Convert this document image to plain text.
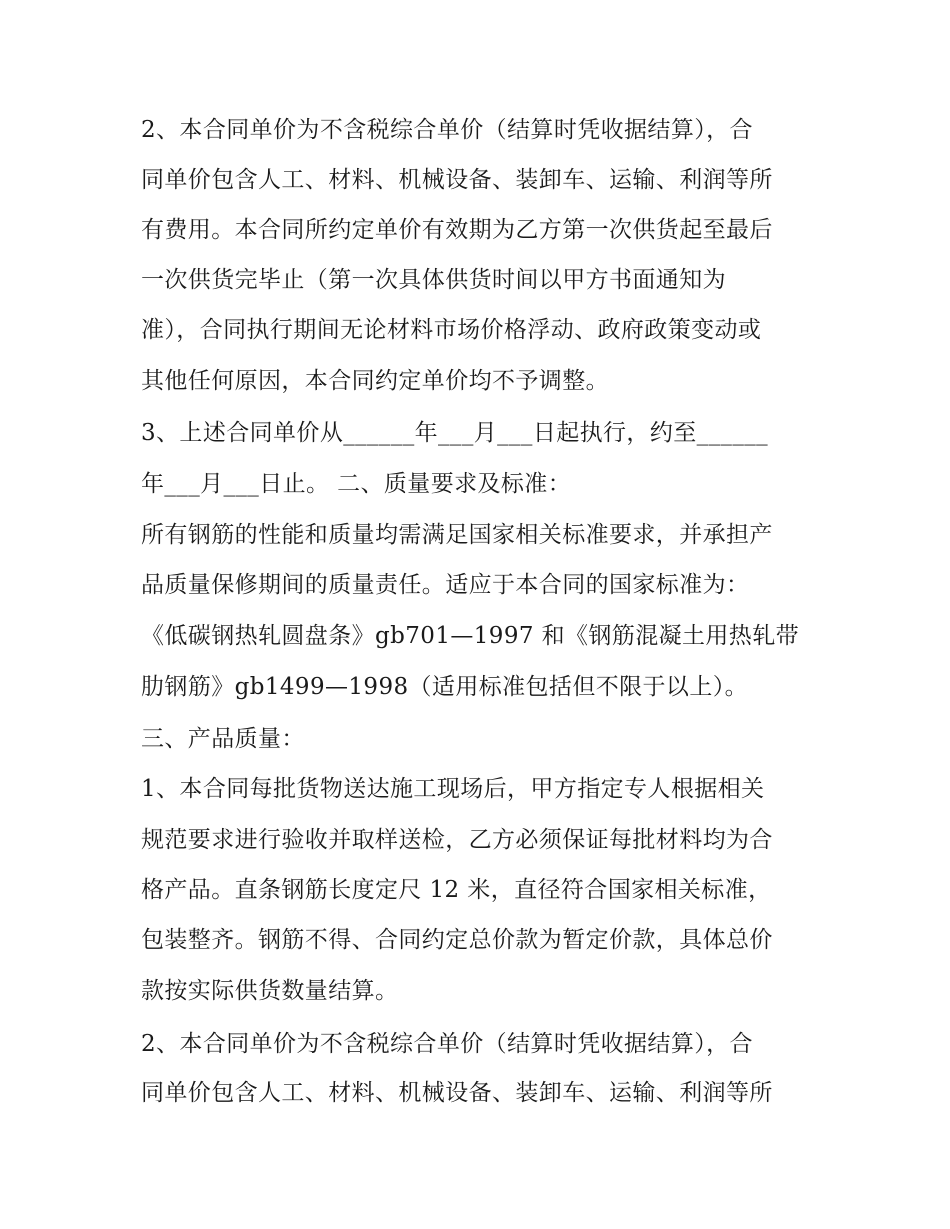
2、本合同单价为不含税综合单价（结算时凭收据结算），合
同单价包含人工、材料、机械设备、装卸车、运输、利润等所
有费用。本合同所约定单价有效期为乙方第一次供货起至最后
一次供货完毕止（第一次具体供货时间以甲方书面通知为
准），合同执行期间无论材料市场价格浮动、政府政策变动或
其他任何原因，本合同约定单价均不予调整。
3、上述合同单价从______年___月___日起执行，约至______
年___月___日止。 二、质量要求及标准：
所有钢筋的性能和质量均需满足国家相关标准要求，并承担产
品质量保修期间的质量责任。适应于本合同的国家标准为：
《低碳钢热轧圆盘条》gb701—1997 和《钢筋混凝土用热轧带
肋钢筋》gb1499—1998（适用标准包括但不限于以上）。
三、产品质量：
1、本合同每批货物送达施工现场后，甲方指定专人根据相关
规范要求进行验收并取样送检，乙方必须保证每批材料均为合
格产品。直条钢筋长度定尺 12 米，直径符合国家相关标准，
包装整齐。钢筋不得、合同约定总价款为暂定价款，具体总价
款按实际供货数量结算。
2、本合同单价为不含税综合单价（结算时凭收据结算），合
同单价包含人工、材料、机械设备、装卸车、运输、利润等所
